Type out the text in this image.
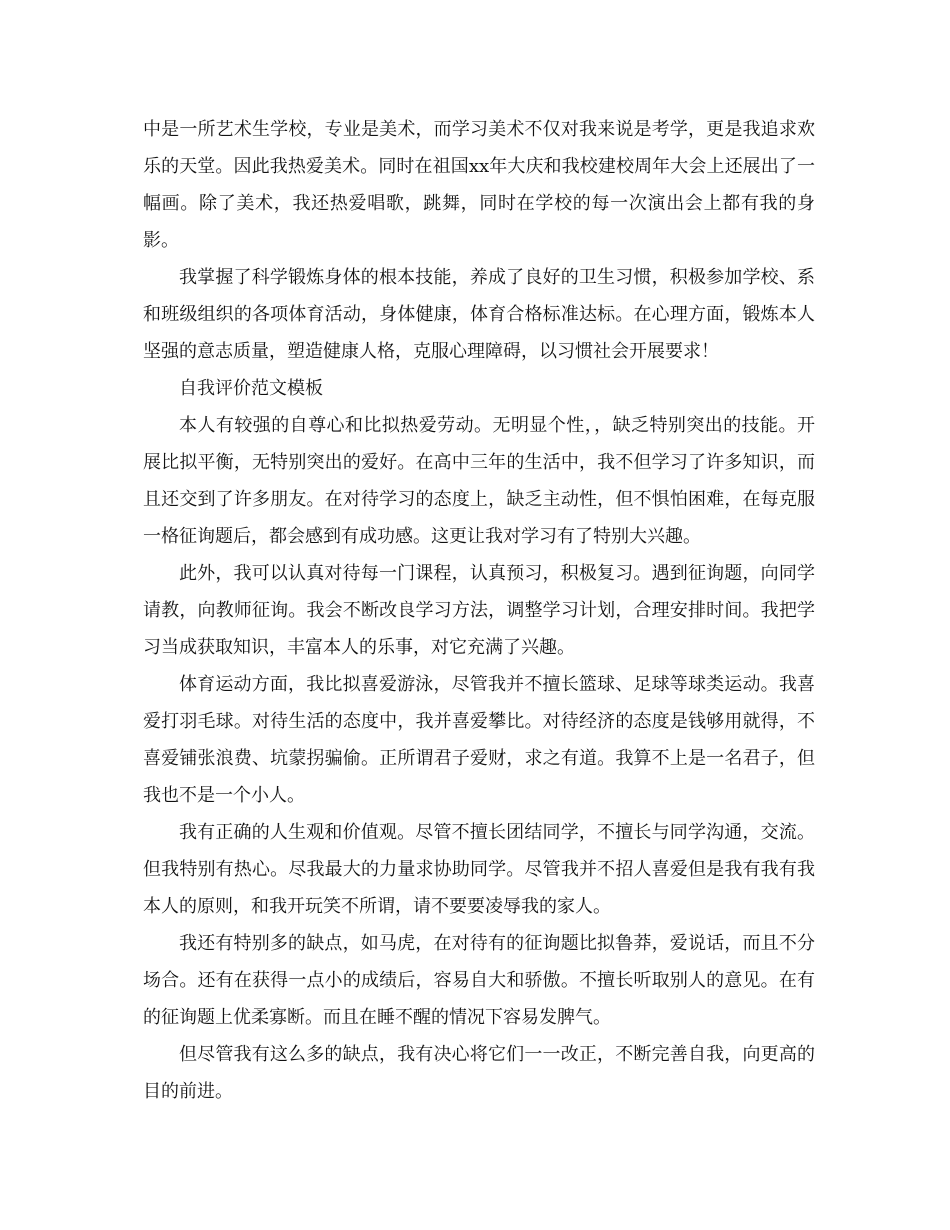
中是一所艺术生学校，专业是美术，而学习美术不仅对我来说是考学，更是我追求欢乐的天堂。因此我热爱美术。同时在祖国xx年大庆和我校建校周年大会上还展出了一幅画。除了美术，我还热爱唱歌，跳舞，同时在学校的每一次演出会上都有我的身影。

我掌握了科学锻炼身体的根本技能，养成了良好的卫生习惯，积极参加学校、系和班级组织的各项体育活动，身体健康，体育合格标准达标。在心理方面，锻炼本人坚强的意志质量，塑造健康人格，克服心理障碍，以习惯社会开展要求！

自我评价范文模板

本人有较强的自尊心和比拟热爱劳动。无明显个性，，缺乏特别突出的技能。开展比拟平衡，无特别突出的爱好。在高中三年的生活中，我不但学习了许多知识，而且还交到了许多朋友。在对待学习的态度上，缺乏主动性，但不惧怕困难，在每克服一格征询题后，都会感到有成功感。这更让我对学习有了特别大兴趣。

此外，我可以认真对待每一门课程，认真预习，积极复习。遇到征询题，向同学请教，向教师征询。我会不断改良学习方法，调整学习计划，合理安排时间。我把学习当成获取知识，丰富本人的乐事，对它充满了兴趣。

体育运动方面，我比拟喜爱游泳，尽管我并不擅长篮球、足球等球类运动。我喜爱打羽毛球。对待生活的态度中，我并喜爱攀比。对待经济的态度是钱够用就得，不喜爱铺张浪费、坑蒙拐骗偷。正所谓君子爱财，求之有道。我算不上是一名君子，但我也不是一个小人。

我有正确的人生观和价值观。尽管不擅长团结同学，不擅长与同学沟通，交流。但我特别有热心。尽我最大的力量求协助同学。尽管我并不招人喜爱但是我有我有我本人的原则，和我开玩笑不所谓，请不要要凌辱我的家人。

我还有特别多的缺点，如马虎，在对待有的征询题比拟鲁莽，爱说话，而且不分场合。还有在获得一点小的成绩后，容易自大和骄傲。不擅长听取别人的意见。在有的征询题上优柔寡断。而且在睡不醒的情况下容易发脾气。

但尽管我有这么多的缺点，我有决心将它们一一改正，不断完善自我，向更高的目的前进。
